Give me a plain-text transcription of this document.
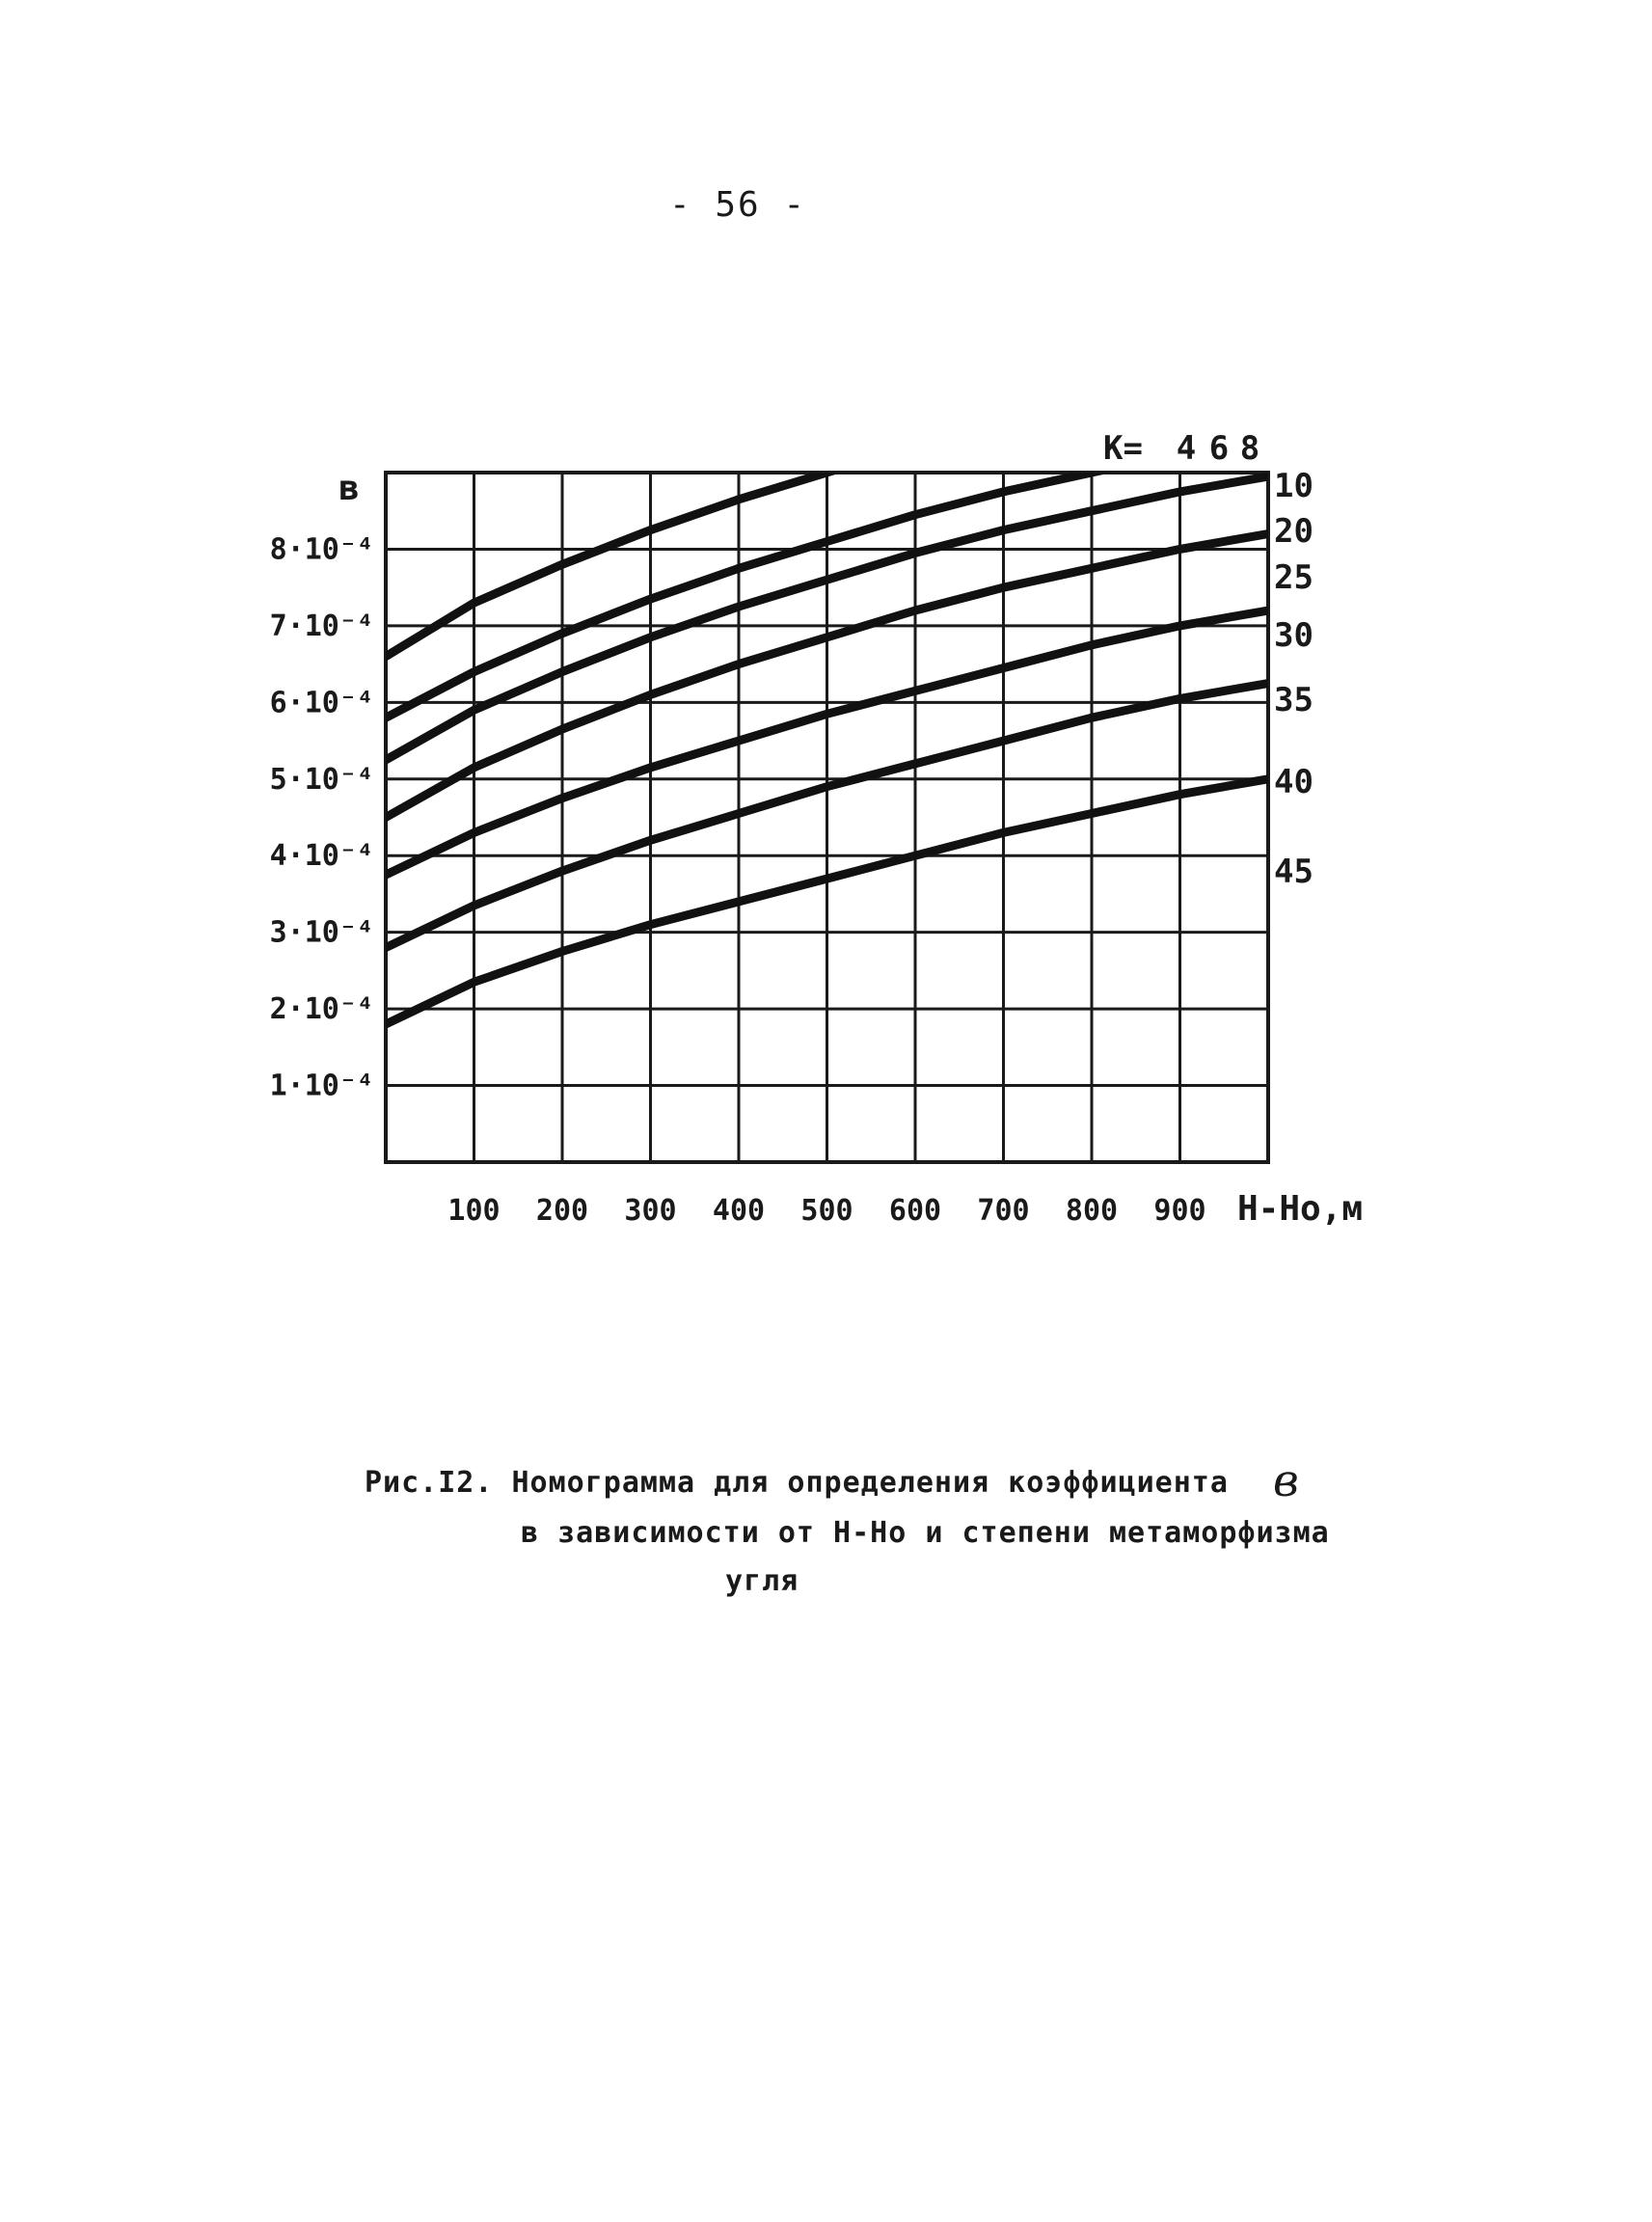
- 56 -
1·10⁻⁴
2·10⁻⁴
3·10⁻⁴
4·10⁻⁴
5·10⁻⁴
6·10⁻⁴
7·10⁻⁴
8·10⁻⁴
100 200 300 400 500 600 700 800 900
10
20
25
30
35
40
45
в
H-Ho,м
К= 4 6 8
Рис.I2. Номограмма для определения коэффициента в
в зависимости от Н-Но и степени метаморфизма
угля
